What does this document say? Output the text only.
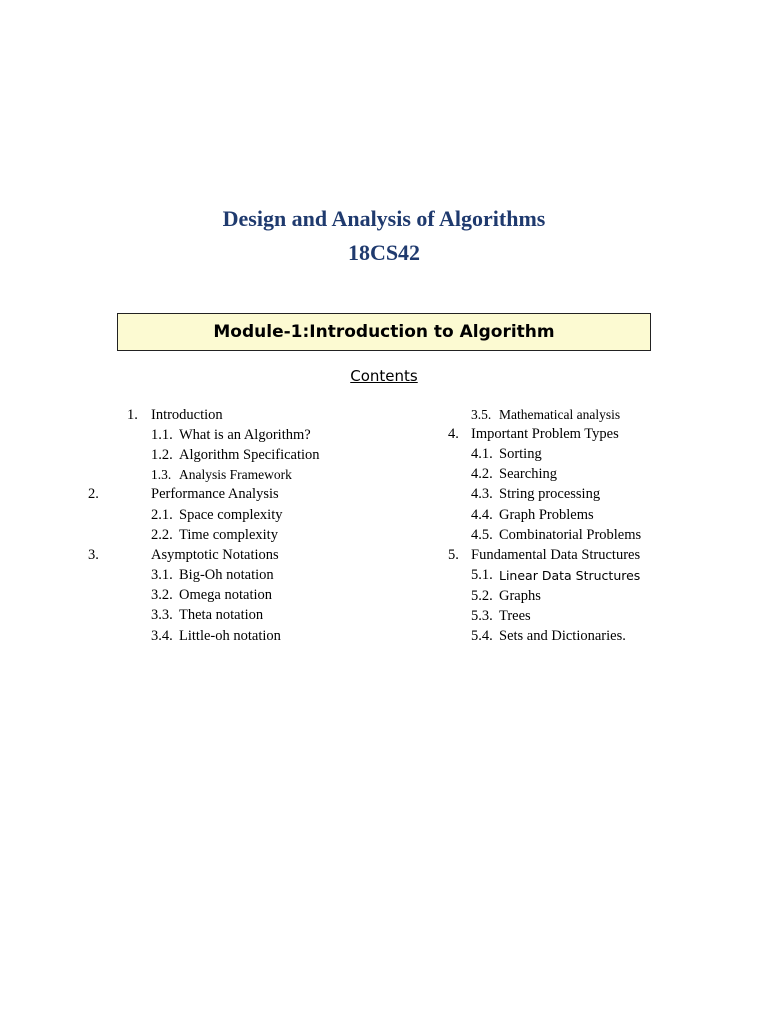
Design and Analysis of Algorithms
18CS42
Module-1:Introduction to Algorithm
Contents
1. Introduction
1.1. What is an Algorithm?
1.2. Algorithm Specification
1.3. Analysis Framework
2.	Performance Analysis
2.1. Space complexity
2.2. Time complexity
3.	Asymptotic Notations
3.1. Big-Oh notation
3.2. Omega notation
3.3. Theta notation
3.4. Little-oh notation
3.5. Mathematical analysis
4. Important Problem Types
4.1. Sorting
4.2. Searching
4.3. String processing
4.4. Graph Problems
4.5. Combinatorial Problems
5. Fundamental Data Structures
5.1. Linear Data Structures
5.2. Graphs
5.3. Trees
5.4. Sets and Dictionaries.
